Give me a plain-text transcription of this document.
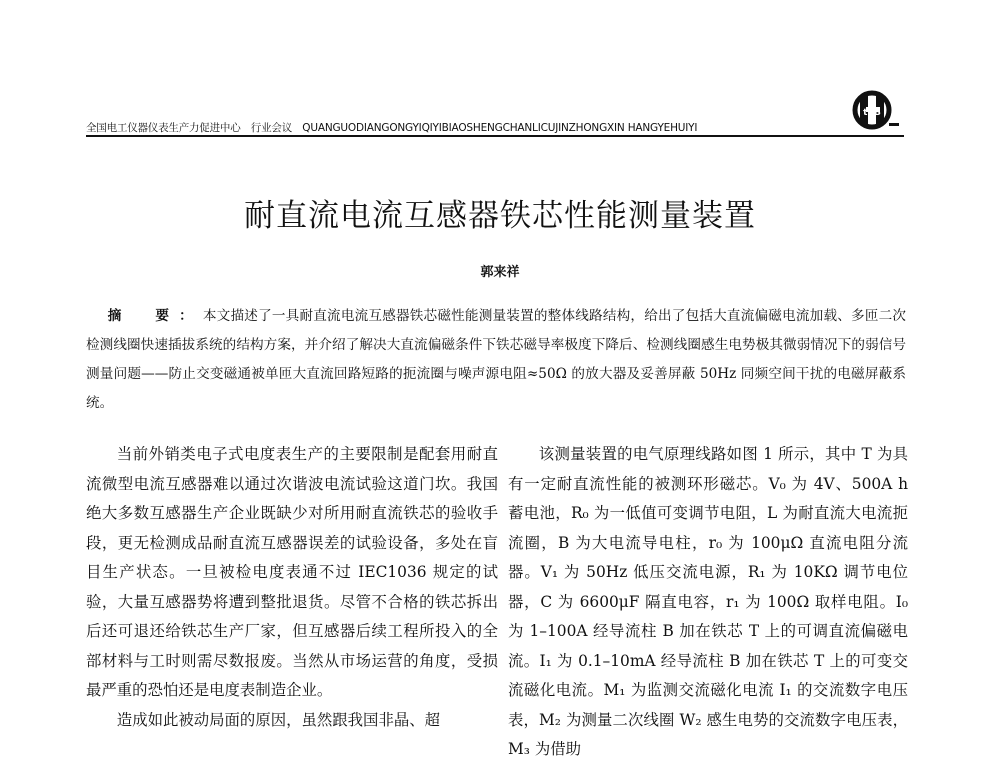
全国电工仪器仪表生产力促进中心　行业会议　QUANGUODIANGONGYIQIYIBIAOSHENGCHANLICUJINZHONGXIN HANGYEHUIYI
tSB
耐直流电流互感器铁芯性能测量装置
郭来祥
摘　要：本文描述了一具耐直流电流互感器铁芯磁性能测量装置的整体线路结构，给出了包括大直流偏磁电流加载、多匝二次检测线圈快速插拔系统的结构方案，并介绍了解决大直流偏磁条件下铁芯磁导率极度下降后、检测线圈感生电势极其微弱情况下的弱信号测量问题——防止交变磁通被单匝大直流回路短路的扼流圈与噪声源电阻≈50Ω 的放大器及妥善屏蔽 50Hz 同频空间干扰的电磁屏蔽系统。

当前外销类电子式电度表生产的主要限制是配套用耐直流微型电流互感器难以通过次谐波电流试验这道门坎。我国绝大多数互感器生产企业既缺少对所用耐直流铁芯的验收手段，更无检测成品耐直流互感器误差的试验设备，多处在盲目生产状态。一旦被检电度表通不过 IEC1036 规定的试验，大量互感器势将遭到整批退货。尽管不合格的铁芯拆出后还可退还给铁芯生产厂家，但互感器后续工程所投入的全部材料与工时则需尽数报废。当然从市场运营的角度，受损最严重的恐怕还是电度表制造企业。

造成如此被动局面的原因，虽然跟我国非晶、超

该测量装置的电气原理线路如图 1 所示，其中 T 为具有一定耐直流性能的被测环形磁芯。V₀ 为 4V、500A h 蓄电池，R₀ 为一低值可变调节电阻，L 为耐直流大电流扼流圈，B 为大电流导电柱，r₀ 为 100μΩ 直流电阻分流器。V₁ 为 50Hz 低压交流电源，R₁ 为 10KΩ 调节电位器，C 为 6600μF 隔直电容，r₁ 为 100Ω 取样电阻。I₀ 为 1–100A 经导流柱 B 加在铁芯 T 上的可调直流偏磁电流。I₁ 为 0.1–10mA 经导流柱 B 加在铁芯 T 上的可变交流磁化电流。M₁ 为监测交流磁化电流 I₁ 的交流数字电压表，M₂ 为测量二次线圈 W₂ 感生电势的交流数字电压表，M₃ 为借助
